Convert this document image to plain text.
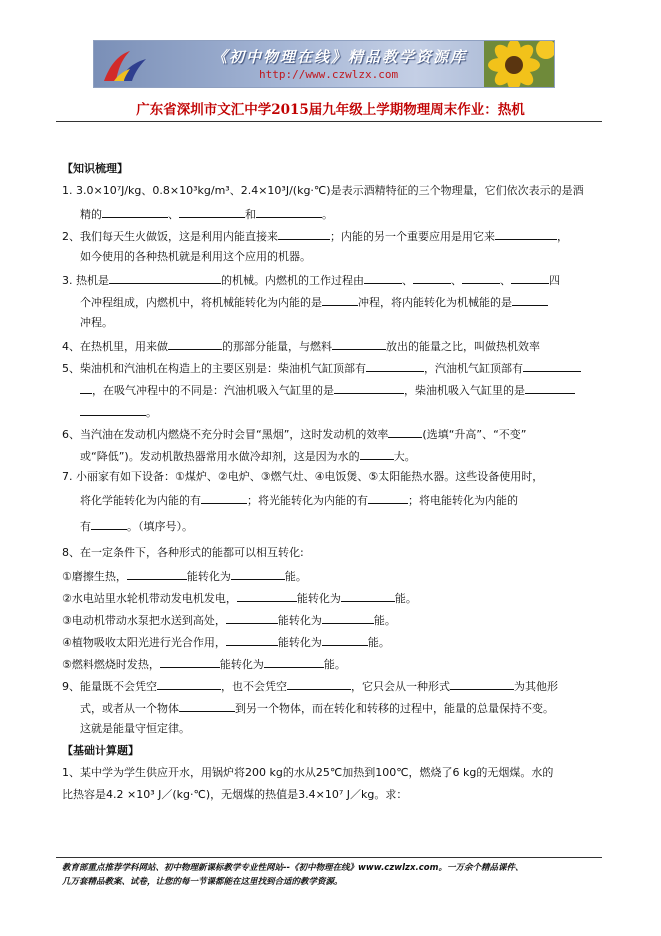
《初中物理在线》精品教学资源库
http://www.czwlzx.com
广东省深圳市文汇中学2015届九年级上学期物理周末作业：热机
【知识梳理】
1. 3.0×10⁷J/kg、0.8×10³kg/m³、2.4×10³J/(kg·℃)是表示酒精特征的三个物理量，它们依次表示的是酒
精的	、	和	。
2、我们每天生火做饭，这是利用内能直接来	；内能的另一个重要应用是用它来	，
如今使用的各种热机就是利用这个应用的机器。
3. 热机是	的机械。内燃机的工作过程由	、	、	、	四
个冲程组成，内燃机中，将机械能转化为内能的是	冲程，将内能转化为机械能的是
冲程。
4、在热机里，用来做	的那部分能量，与燃料	放出的能量之比，叫做热机效率
5、柴油机和汽油机在构造上的主要区别是：柴油机气缸顶部有	，汽油机气缸顶部有
，在吸气冲程中的不同是：汽油机吸入气缸里的是	，柴油机吸入气缸里的是
。
6、当汽油在发动机内燃烧不充分时会冒“黑烟”，这时发动机的效率	(选填“升高”、“不变”
或“降低”)。发动机散热器常用水做冷却剂，这是因为水的	大。
7. 小丽家有如下设备：①煤炉、②电炉、③燃气灶、④电饭煲、⑤太阳能热水器。这些设备使用时，
将化学能转化为内能的有	；将光能转化为内能的有	；将电能转化为内能的
有	。（填序号）。
8、在一定条件下，各种形式的能都可以相互转化:
①磨擦生热，	能转化为	能。
②水电站里水轮机带动发电机发电，	能转化为	能。
③电动机带动水泵把水送到高处，	能转化为	能。
④植物吸收太阳光进行光合作用，	能转化为	能。
⑤燃料燃烧时发热，	能转化为	能。
9、能量既不会凭空	，也不会凭空	，它只会从一种形式	为其他形
式，或者从一个物体	到另一个物体，而在转化和转移的过程中，能量的总量保持不变。
这就是能量守恒定律。
【基础计算题】
1、某中学为学生供应开水，用锅炉将200 kg的水从25℃加热到100℃，燃烧了6 kg的无烟煤。水的
比热容是4.2 ×10³ J／(kg·℃)，无烟煤的热值是3.4×10⁷ J／kg。求：
教育部重点推荐学科网站、初中物理新课标教学专业性网站--《初中物理在线》www.czwlzx.com。一万余个精品课件、
几万套精品教案、试卷，让您的每一节课都能在这里找到合适的教学资源。
